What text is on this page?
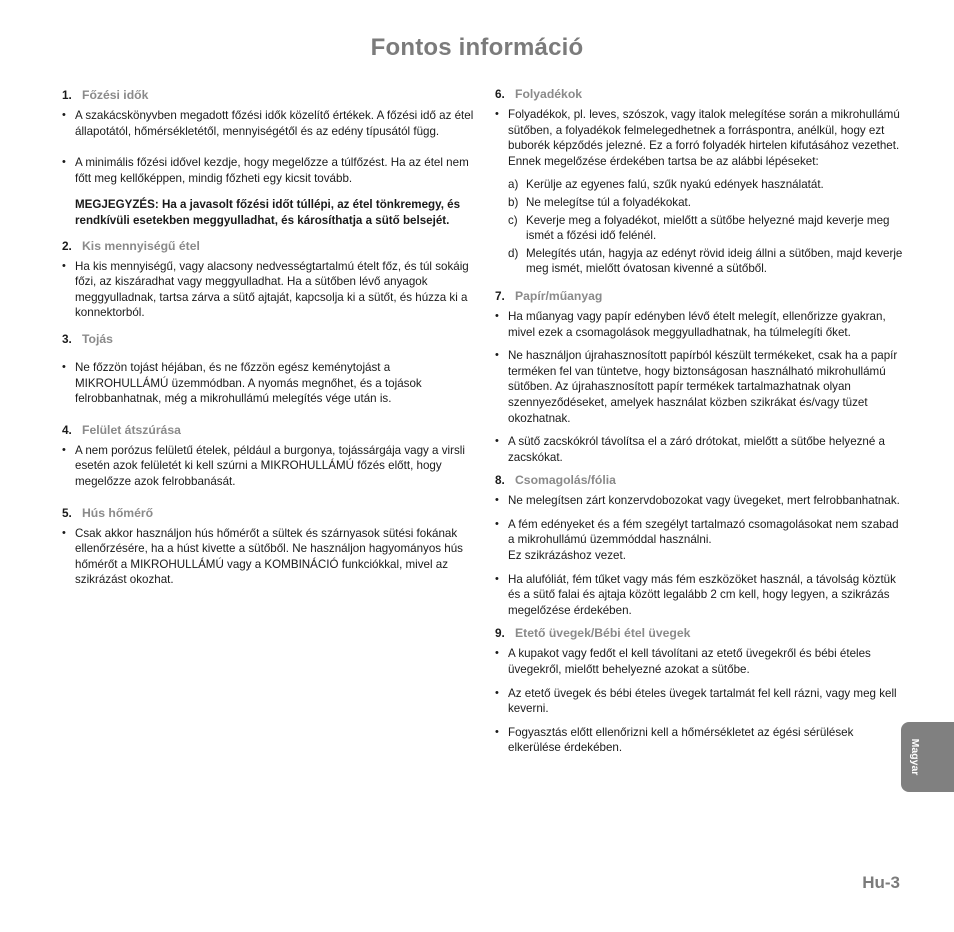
Fontos információ
1. Főzési idők
• A szakácskönyvben megadott főzési idők közelítő értékek. A főzési idő az étel állapotától, hőmérsékletétől, mennyiségétől és az edény típusától függ.
• A minimális főzési idővel kezdje, hogy megelőzze a túlfőzést. Ha az étel nem főtt meg kellőképpen, mindig főzheti egy kicsit tovább.
MEGJEGYZÉS: Ha a javasolt főzési időt túllépi, az étel tönkremegy, és rendkívüli esetekben meggyulladhat, és károsíthatja a sütő belsejét.
2. Kis mennyiségű étel
• Ha kis mennyiségű, vagy alacsony nedvességtartalmú ételt főz, és túl sokáig főzi, az kiszáradhat vagy meggyulladhat. Ha a sütőben lévő anyagok meggyulladnak, tartsa zárva a sütő ajtaját, kapcsolja ki a sütőt, és húzza ki a konnektorból.
3. Tojás
• Ne főzzön tojást héjában, és ne főzzön egész keménytojást a MIKROHULLÁMÚ üzemmódban. A nyomás megnőhet, és a tojások felrobbanhatnak, még a mikrohullámú melegítés vége után is.
4. Felület átszúrása
• A nem porózus felületű ételek, például a burgonya, tojássárgája vagy a virsli esetén azok felületét ki kell szúrni a MIKROHULLÁMÚ főzés előtt, hogy megelőzze azok felrobbanását.
5. Hús hőmérő
• Csak akkor használjon hús hőmérőt a sültek és szárnyasok sütési fokának ellenőrzésére, ha a húst kivette a sütőből. Ne használjon hagyományos hús hőmérőt a MIKROHULLÁMÚ vagy a KOMBINÁCIÓ funkciókkal, mivel az szikrázást okozhat.
6. Folyadékok
• Folyadékok, pl. leves, szószok, vagy italok melegítése során a mikrohullámú sütőben, a folyadékok felmelegedhetnek a forráspontra, anélkül, hogy ezt buborék képződés jelezné. Ez a forró folyadék hirtelen kifutásához vezethet. Ennek megelőzése érdekében tartsa be az alábbi lépéseket:
a) Kerülje az egyenes falú, szűk nyakú edények használatát.
b) Ne melegítse túl a folyadékokat.
c) Keverje meg a folyadékot, mielőtt a sütőbe helyezné majd keverje meg ismét a főzési idő felénél.
d) Melegítés után, hagyja az edényt rövid ideig állni a sütőben, majd keverje meg ismét, mielőtt óvatosan kivenné a sütőből.
7. Papír/műanyag
• Ha műanyag vagy papír edényben lévő ételt melegít, ellenőrizze gyakran, mivel ezek a csomagolások meggyulladhatnak, ha túlmelegíti őket.
• Ne használjon újrahasznosított papírból készült termékeket, csak ha a papír terméken fel van tüntetve, hogy biztonságosan használható mikrohullámú sütőben. Az újrahasznosított papír termékek tartalmazhatnak olyan szennyeződéseket, amelyek használat közben szikrákat és/vagy tüzet okozhatnak.
• A sütő zacskókról távolítsa el a záró drótokat, mielőtt a sütőbe helyezné a zacskókat.
8. Csomagolás/fólia
• Ne melegítsen zárt konzervdobozokat vagy üvegeket, mert felrobbanhatnak.
• A fém edényeket és a fém szegélyt tartalmazó csomagolásokat nem szabad a mikrohullámú üzemmóddal használni.
Ez szikrázáshoz vezet.
• Ha alufóliát, fém tűket vagy más fém eszközöket használ, a távolság köztük és a sütő falai és ajtaja között legalább 2 cm kell, hogy legyen, a szikrázás megelőzése érdekében.
9. Etető üvegek/Bébi étel üvegek
• A kupakot vagy fedőt el kell távolítani az etető üvegekről és bébi ételes üvegekről, mielőtt behelyezné azokat a sütőbe.
• Az etető üvegek és bébi ételes üvegek tartalmát fel kell rázni, vagy meg kell keverni.
• Fogyasztás előtt ellenőrizni kell a hőmérsékletet az égési sérülések elkerülése érdekében.	Magyar
Hu-3
